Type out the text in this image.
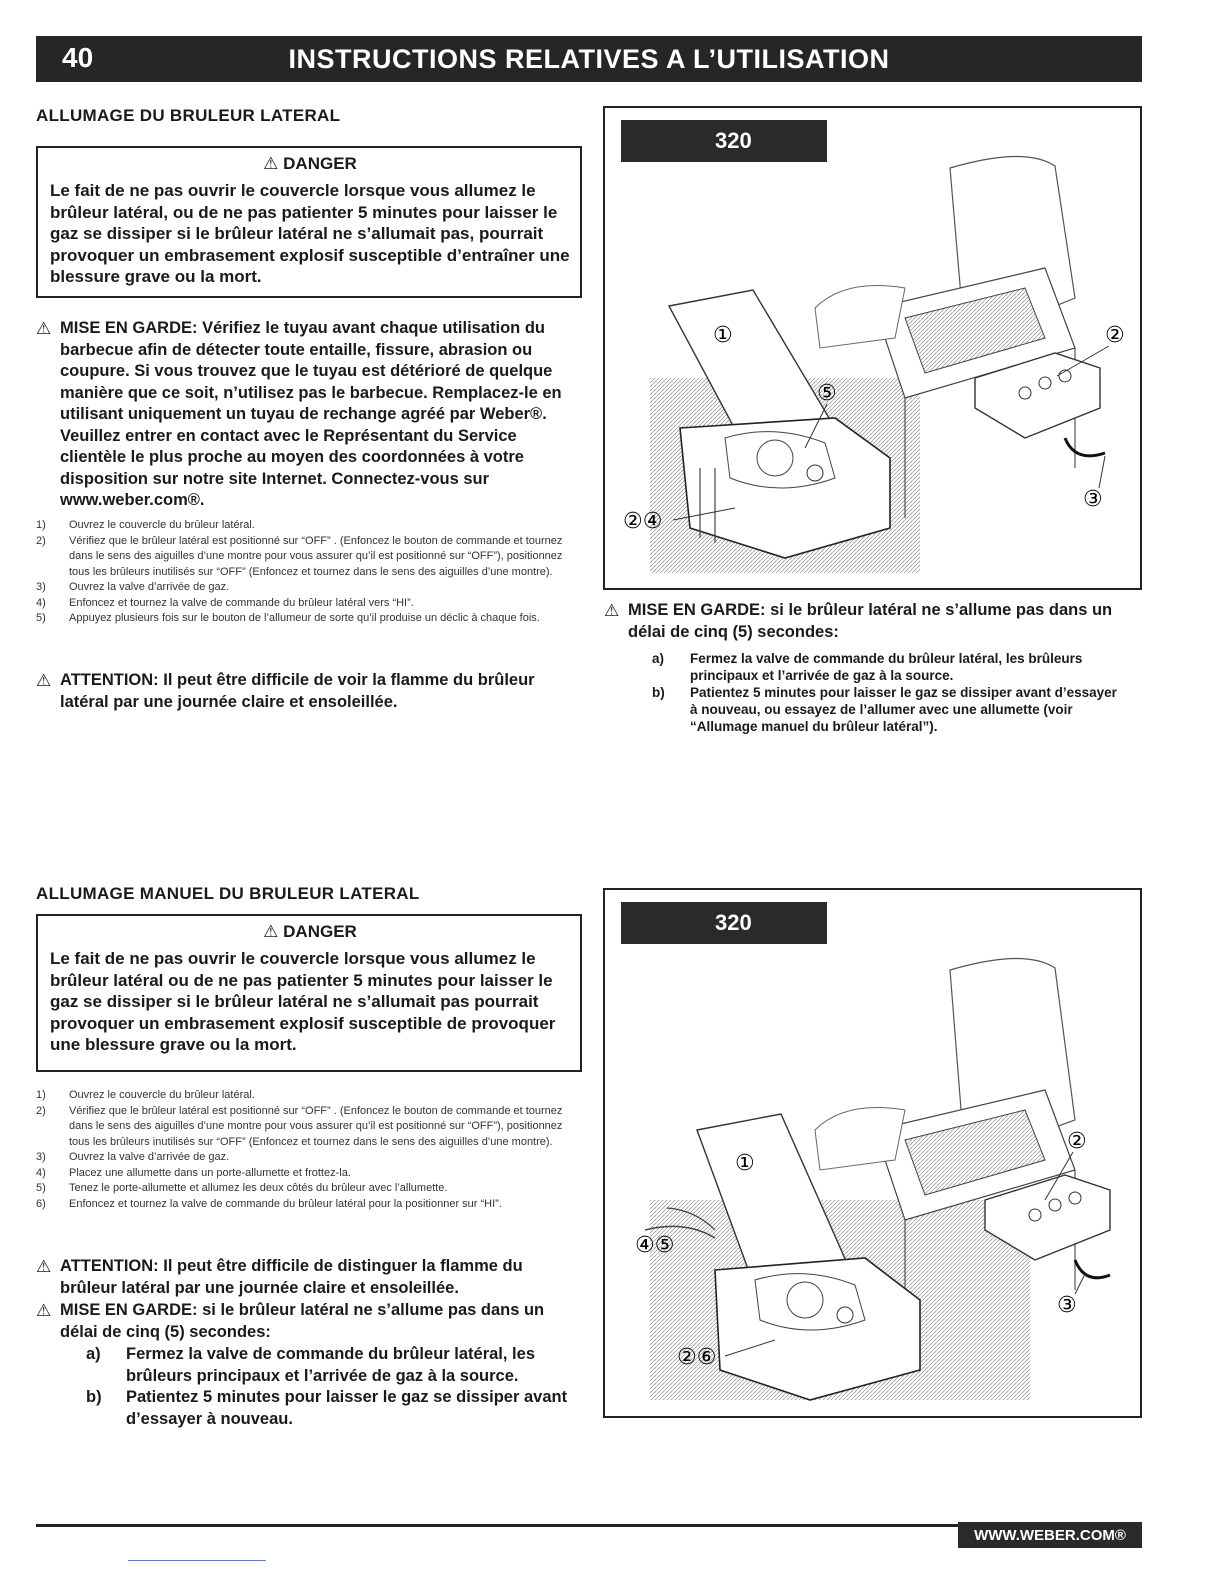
40	INSTRUCTIONS RELATIVES A L’UTILISATION
ALLUMAGE DU BRULEUR LATERAL
⚠ DANGER
Le fait de ne pas ouvrir le couvercle lorsque vous allumez le brûleur latéral, ou de ne pas patienter 5 minutes pour laisser le gaz se dissiper si le brûleur latéral ne s’allumait pas, pourrait provoquer un embrasement explosif susceptible d’entraîner une blessure grave ou la mort.
⚠ MISE EN GARDE: Vérifiez le tuyau avant chaque utilisation du barbecue afin de détecter toute entaille, fissure, abrasion ou coupure. Si vous trouvez que le tuyau est détérioré de quelque manière que ce soit, n’utilisez pas le barbecue. Remplacez-le en utilisant uniquement un tuyau de rechange agréé par Weber®. Veuillez entrer en contact avec le Représentant du Service clientèle le plus proche au moyen des coordonnées à votre disposition sur notre site Internet. Connectez-vous sur www.weber.com®.
1) Ouvrez le couvercle du brûleur latéral.
2) Vérifiez que le brûleur latéral est positionné sur “OFF” . (Enfoncez le bouton de commande et tournez dans le sens des aiguilles d’une montre pour vous assurer qu’il est positionné sur “OFF”), positionnez tous les brûleurs inutilisés sur “OFF” (Enfoncez et tournez dans le sens des aiguilles d’une montre).
3) Ouvrez la valve d’arrivée de gaz.
4) Enfoncez et tournez la valve de commande du brûleur latéral vers “HI”.
5) Appuyez plusieurs fois sur le bouton de l’allumeur de sorte qu’il produise un déclic à chaque fois.
⚠ ATTENTION: Il peut être difficile de voir la flamme du brûleur latéral par une journée claire et ensoleillée.
320
①	②
③
⑤
②④
⚠ MISE EN GARDE: si le brûleur latéral ne s’allume pas dans un délai de cinq (5) secondes:
a) Fermez la valve de commande du brûleur latéral, les brûleurs principaux et l’arrivée de gaz à la source.
b) Patientez 5 minutes pour laisser le gaz se dissiper avant d’essayer à nouveau, ou essayez de l’allumer avec une allumette (voir “Allumage manuel du brûleur latéral”).
ALLUMAGE MANUEL DU BRULEUR LATERAL
⚠ DANGER
Le fait de ne pas ouvrir le couvercle lorsque vous allumez le brûleur latéral ou de ne pas patienter 5 minutes pour laisser le gaz se dissiper si le brûleur latéral ne s’allumait pas pourrait provoquer un embrasement explosif susceptible de provoquer une blessure grave ou la mort.
1) Ouvrez le couvercle du brûleur latéral.
2) Vérifiez que le brûleur latéral est positionné sur “OFF” . (Enfoncez le bouton de commande et tournez dans le sens des aiguilles d’une montre pour vous assurer qu’il est positionné sur “OFF”), positionnez tous les brûleurs inutilisés sur “OFF” (Enfoncez et tournez dans le sens des aiguilles d’une montre).
3) Ouvrez la valve d’arrivée de gaz.
4) Placez une allumette dans un porte-allumette et frottez-la.
5) Tenez le porte-allumette et allumez les deux côtés du brûleur avec l’allumette.
6) Enfoncez et tournez la valve de commande du brûleur latéral pour la positionner sur “HI”.
⚠ ATTENTION: Il peut être difficile de distinguer la flamme du brûleur latéral par une journée claire et ensoleillée.
⚠ MISE EN GARDE: si le brûleur latéral ne s’allume pas dans un délai de cinq (5) secondes:
a) Fermez la valve de commande du brûleur latéral, les brûleurs principaux et l’arrivée de gaz à la source.
b) Patientez 5 minutes pour laisser le gaz se dissiper avant d’essayer à nouveau.
320
①
②
③
④⑤
②⑥
WWW.WEBER.COM®
